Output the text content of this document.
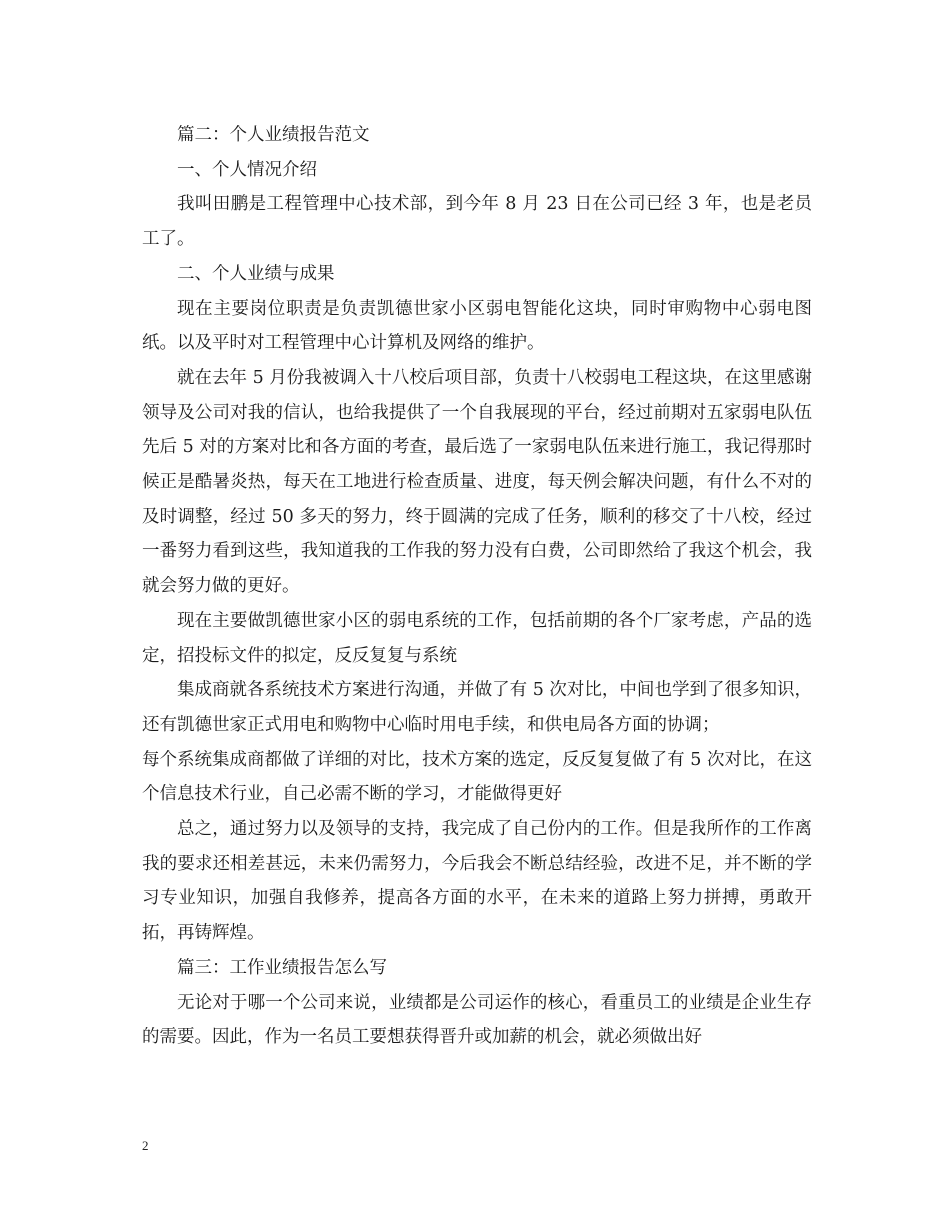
篇二：个人业绩报告范文

一、个人情况介绍

我叫田鹏是工程管理中心技术部，到今年 8 月 23 日在公司已经 3 年，也是老员工了。

二、个人业绩与成果

现在主要岗位职责是负责凯德世家小区弱电智能化这块，同时审购物中心弱电图纸。以及平时对工程管理中心计算机及网络的维护。

就在去年 5 月份我被调入十八校后项目部，负责十八校弱电工程这块，在这里感谢领导及公司对我的信认，也给我提供了一个自我展现的平台，经过前期对五家弱电队伍先后 5 对的方案对比和各方面的考查，最后选了一家弱电队伍来进行施工，我记得那时候正是酷暑炎热，每天在工地进行检查质量、进度，每天例会解决问题，有什么不对的及时调整，经过 50 多天的努力，终于圆满的完成了任务，顺利的移交了十八校，经过一番努力看到这些，我知道我的工作我的努力没有白费，公司即然给了我这个机会，我就会努力做的更好。

现在主要做凯德世家小区的弱电系统的工作，包括前期的各个厂家考虑，产品的选定，招投标文件的拟定，反反复复与系统

集成商就各系统技术方案进行沟通，并做了有 5 次对比，中间也学到了很多知识，还有凯德世家正式用电和购物中心临时用电手续，和供电局各方面的协调；

每个系统集成商都做了详细的对比，技术方案的选定，反反复复做了有 5 次对比，在这个信息技术行业，自己必需不断的学习，才能做得更好

总之，通过努力以及领导的支持，我完成了自己份内的工作。但是我所作的工作离我的要求还相差甚远，未来仍需努力，今后我会不断总结经验，改进不足，并不断的学习专业知识，加强自我修养，提高各方面的水平，在未来的道路上努力拼搏，勇敢开拓，再铸辉煌。

篇三：工作业绩报告怎么写

无论对于哪一个公司来说，业绩都是公司运作的核心，看重员工的业绩是企业生存的需要。因此，作为一名员工要想获得晋升或加薪的机会，就必须做出好

2
